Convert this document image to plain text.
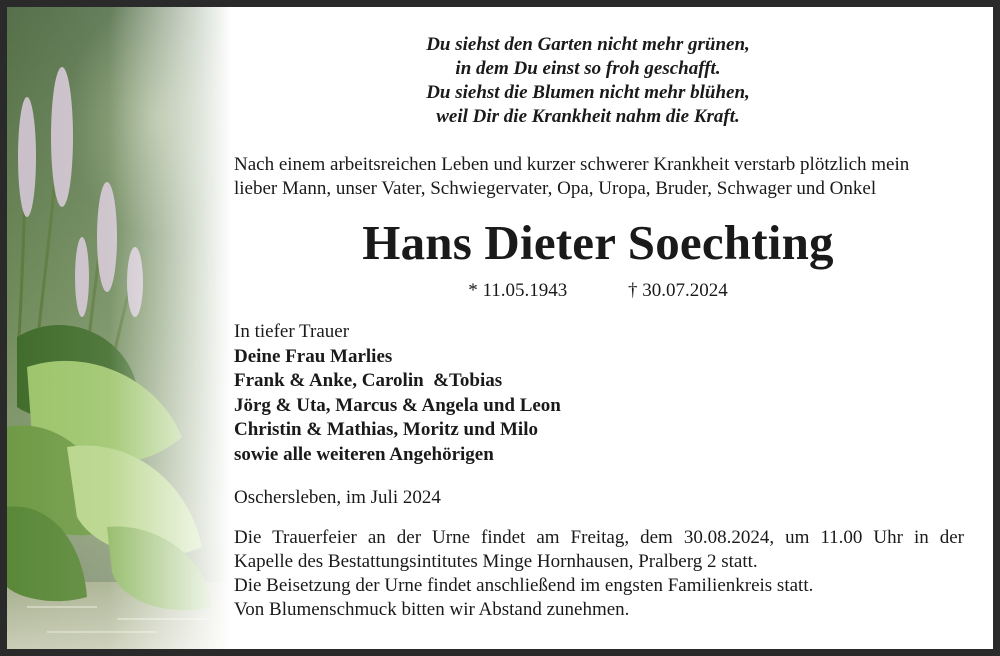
Du siehst den Garten nicht mehr grünen,
in dem Du einst so froh geschafft.
Du siehst die Blumen nicht mehr blühen,
weil Dir die Krankheit nahm die Kraft.
Nach einem arbeitsreichen Leben und kurzer schwerer Krankheit verstarb plötzlich mein
lieber Mann, unser Vater, Schwiegervater, Opa, Uropa, Bruder, Schwager und Onkel
Hans Dieter Soechting
* 11.05.1943	† 30.07.2024
In tiefer Trauer
Deine Frau Marlies
Frank & Anke, Carolin  &Tobias
Jörg & Uta, Marcus & Angela und Leon
Christin & Mathias, Moritz und Milo
sowie alle weiteren Angehörigen
Oschersleben, im Juli 2024
Die Trauerfeier an der Urne findet am Freitag, dem 30.08.2024, um 11.00 Uhr in der
Kapelle des Bestattungsintitutes Minge Hornhausen, Pralberg 2 statt.
Die Beisetzung der Urne findet anschließend im engsten Familienkreis statt.
Von Blumenschmuck bitten wir Abstand zunehmen.
